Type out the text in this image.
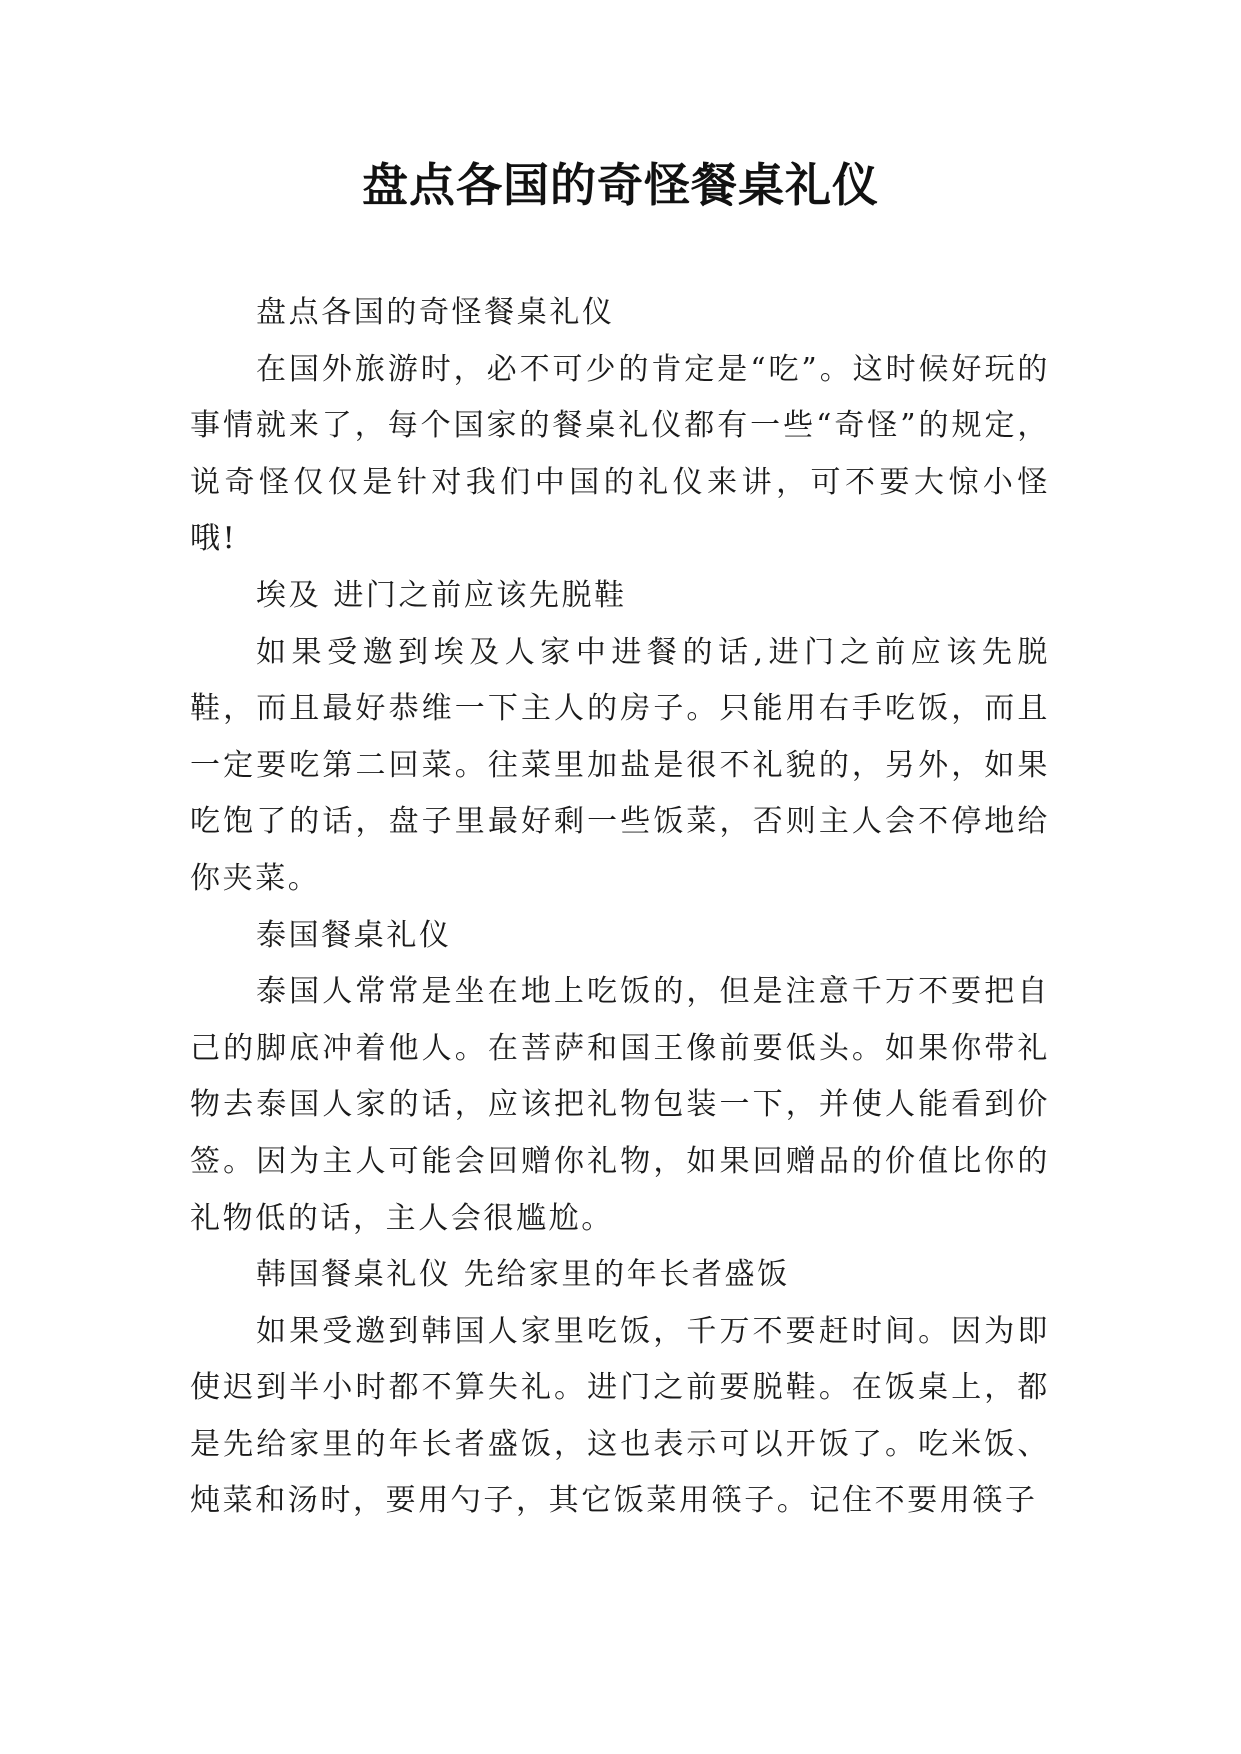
盘点各国的奇怪餐桌礼仪

盘点各国的奇怪餐桌礼仪

在国外旅游时，必不可少的肯定是“吃”。这时候好玩的事情就来了，每个国家的餐桌礼仪都有一些“奇怪”的规定，说奇怪仅仅是针对我们中国的礼仪来讲，可不要大惊小怪哦!

埃及 进门之前应该先脱鞋

如果受邀到埃及人家中进餐的话,进门之前应该先脱鞋，而且最好恭维一下主人的房子。只能用右手吃饭，而且一定要吃第二回菜。往菜里加盐是很不礼貌的，另外，如果吃饱了的话，盘子里最好剩一些饭菜，否则主人会不停地给你夹菜。

泰国餐桌礼仪

泰国人常常是坐在地上吃饭的，但是注意千万不要把自己的脚底冲着他人。在菩萨和国王像前要低头。如果你带礼物去泰国人家的话，应该把礼物包装一下，并使人能看到价签。因为主人可能会回赠你礼物，如果回赠品的价值比你的礼物低的话，主人会很尴尬。

韩国餐桌礼仪 先给家里的年长者盛饭

如果受邀到韩国人家里吃饭，千万不要赶时间。因为即使迟到半小时都不算失礼。进门之前要脱鞋。在饭桌上，都是先给家里的年长者盛饭，这也表示可以开饭了。吃米饭、炖菜和汤时，要用勺子，其它饭菜用筷子。记住不要用筷子
